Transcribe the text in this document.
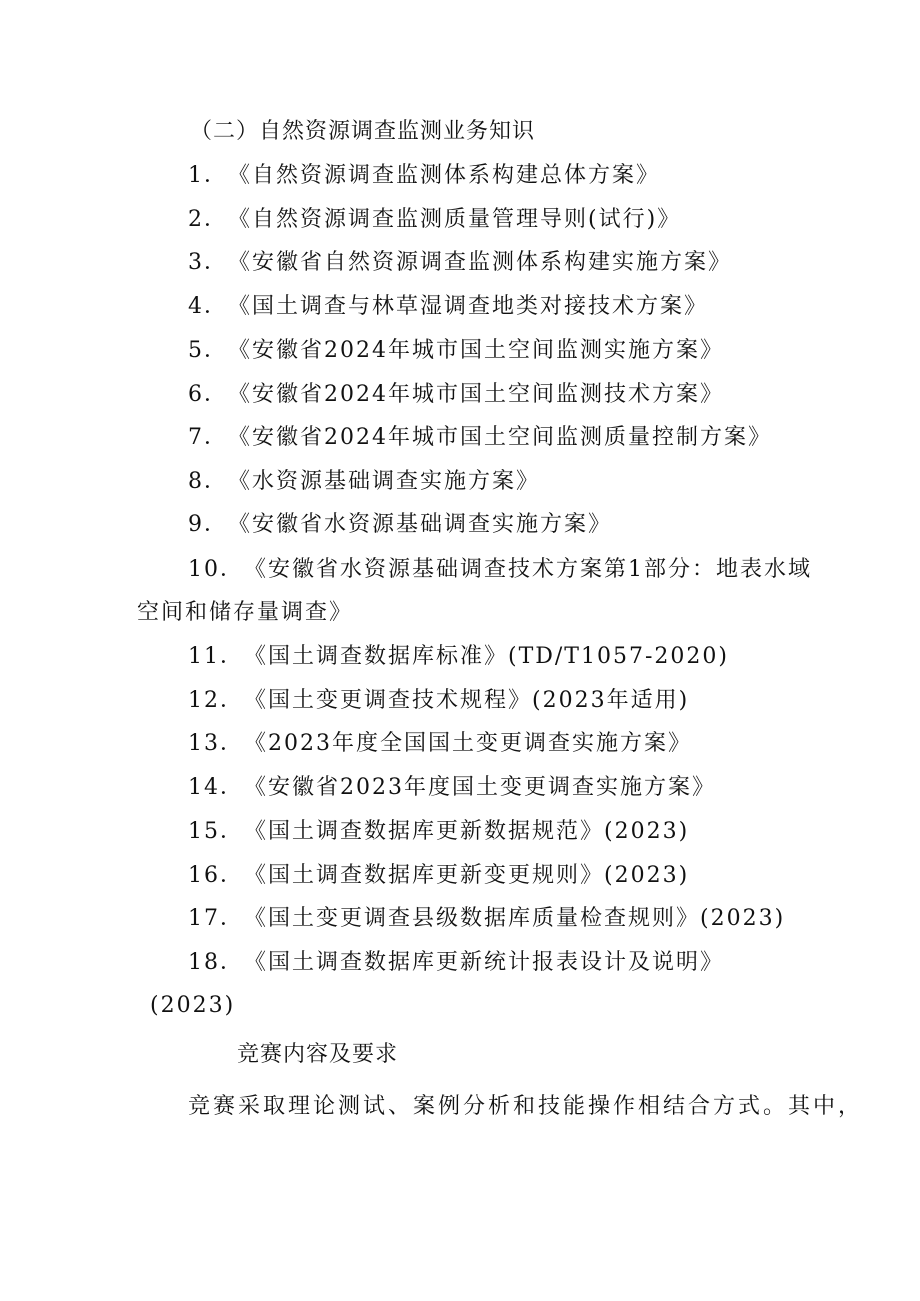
（二）自然资源调查监测业务知识
1．《自然资源调查监测体系构建总体方案》
2．《自然资源调查监测质量管理导则(试行)》
3．《安徽省自然资源调查监测体系构建实施方案》
4．《国土调查与林草湿调查地类对接技术方案》
5．《安徽省2024年城市国土空间监测实施方案》
6．《安徽省2024年城市国土空间监测技术方案》
7．《安徽省2024年城市国土空间监测质量控制方案》
8．《水资源基础调查实施方案》
9．《安徽省水资源基础调查实施方案》
10．《安徽省水资源基础调查技术方案第1部分：地表水域
空间和储存量调查》
11．《国土调查数据库标准》(TD/T1057-2020)
12．《国土变更调查技术规程》(2023年适用)
13．《2023年度全国国土变更调查实施方案》
14．《安徽省2023年度国土变更调查实施方案》
15．《国土调查数据库更新数据规范》(2023)
16．《国土调查数据库更新变更规则》(2023)
17．《国土变更调查县级数据库质量检查规则》(2023)
18．《国土调查数据库更新统计报表设计及说明》
(2023)
竞赛内容及要求
竞赛采取理论测试、案例分析和技能操作相结合方式。其中，
